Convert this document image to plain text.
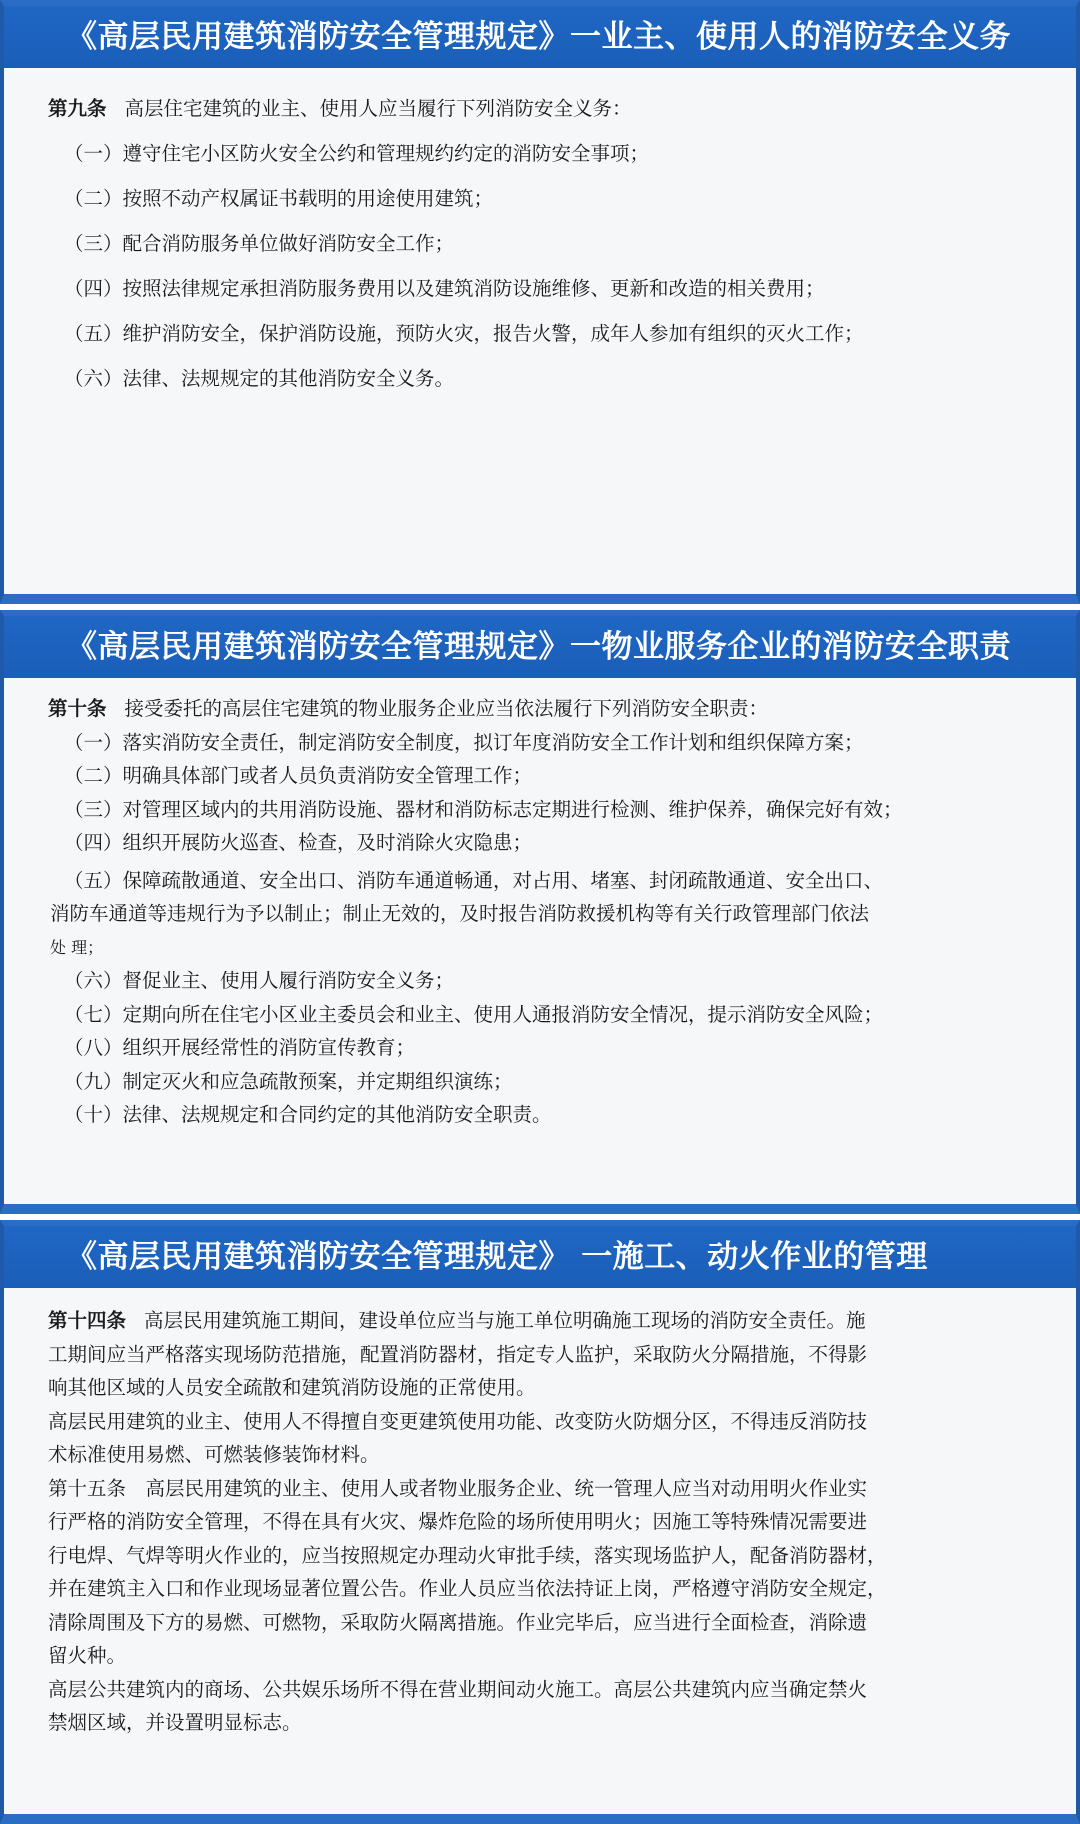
《高层民用建筑消防安全管理规定》一业主、使用人的消防安全义务
第九条 高层住宅建筑的业主、使用人应当履行下列消防安全义务：
（一）遵守住宅小区防火安全公约和管理规约约定的消防安全事项；
（二）按照不动产权属证书载明的用途使用建筑；
（三）配合消防服务单位做好消防安全工作；
（四）按照法律规定承担消防服务费用以及建筑消防设施维修、更新和改造的相关费用；
（五）维护消防安全，保护消防设施，预防火灾，报告火警，成年人参加有组织的灭火工作；
（六）法律、法规规定的其他消防安全义务。
《高层民用建筑消防安全管理规定》一物业服务企业的消防安全职责
第十条 接受委托的高层住宅建筑的物业服务企业应当依法履行下列消防安全职责：
（一）落实消防安全责任，制定消防安全制度，拟订年度消防安全工作计划和组织保障方案；
（二）明确具体部门或者人员负责消防安全管理工作；
（三）对管理区域内的共用消防设施、器材和消防标志定期进行检测、维护保养，确保完好有效；
（四）组织开展防火巡查、检查，及时消除火灾隐患；
（五）保障疏散通道、安全出口、消防车通道畅通，对占用、堵塞、封闭疏散通道、安全出口、
消防车通道等违规行为予以制止；制止无效的，及时报告消防救援机构等有关行政管理部门依法
处 理；
（六）督促业主、使用人履行消防安全义务；
（七）定期向所在住宅小区业主委员会和业主、使用人通报消防安全情况，提示消防安全风险；
（八）组织开展经常性的消防宣传教育；
（九）制定灭火和应急疏散预案，并定期组织演练；
（十）法律、法规规定和合同约定的其他消防安全职责。
《高层民用建筑消防安全管理规定》 一施工、动火作业的管理
第十四条 高层民用建筑施工期间，建设单位应当与施工单位明确施工现场的消防安全责任。施
工期间应当严格落实现场防范措施，配置消防器材，指定专人监护，采取防火分隔措施，不得影
响其他区域的人员安全疏散和建筑消防设施的正常使用。
高层民用建筑的业主、使用人不得擅自变更建筑使用功能、改变防火防烟分区，不得违反消防技
术标准使用易燃、可燃装修装饰材料。
第十五条　高层民用建筑的业主、使用人或者物业服务企业、统一管理人应当对动用明火作业实
行严格的消防安全管理，不得在具有火灾、爆炸危险的场所使用明火；因施工等特殊情况需要进
行电焊、气焊等明火作业的，应当按照规定办理动火审批手续，落实现场监护人，配备消防器材，
并在建筑主入口和作业现场显著位置公告。作业人员应当依法持证上岗，严格遵守消防安全规定，
清除周围及下方的易燃、可燃物，采取防火隔离措施。作业完毕后，应当进行全面检查，消除遗
留火种。
高层公共建筑内的商场、公共娱乐场所不得在营业期间动火施工。高层公共建筑内应当确定禁火
禁烟区域，并设置明显标志。
